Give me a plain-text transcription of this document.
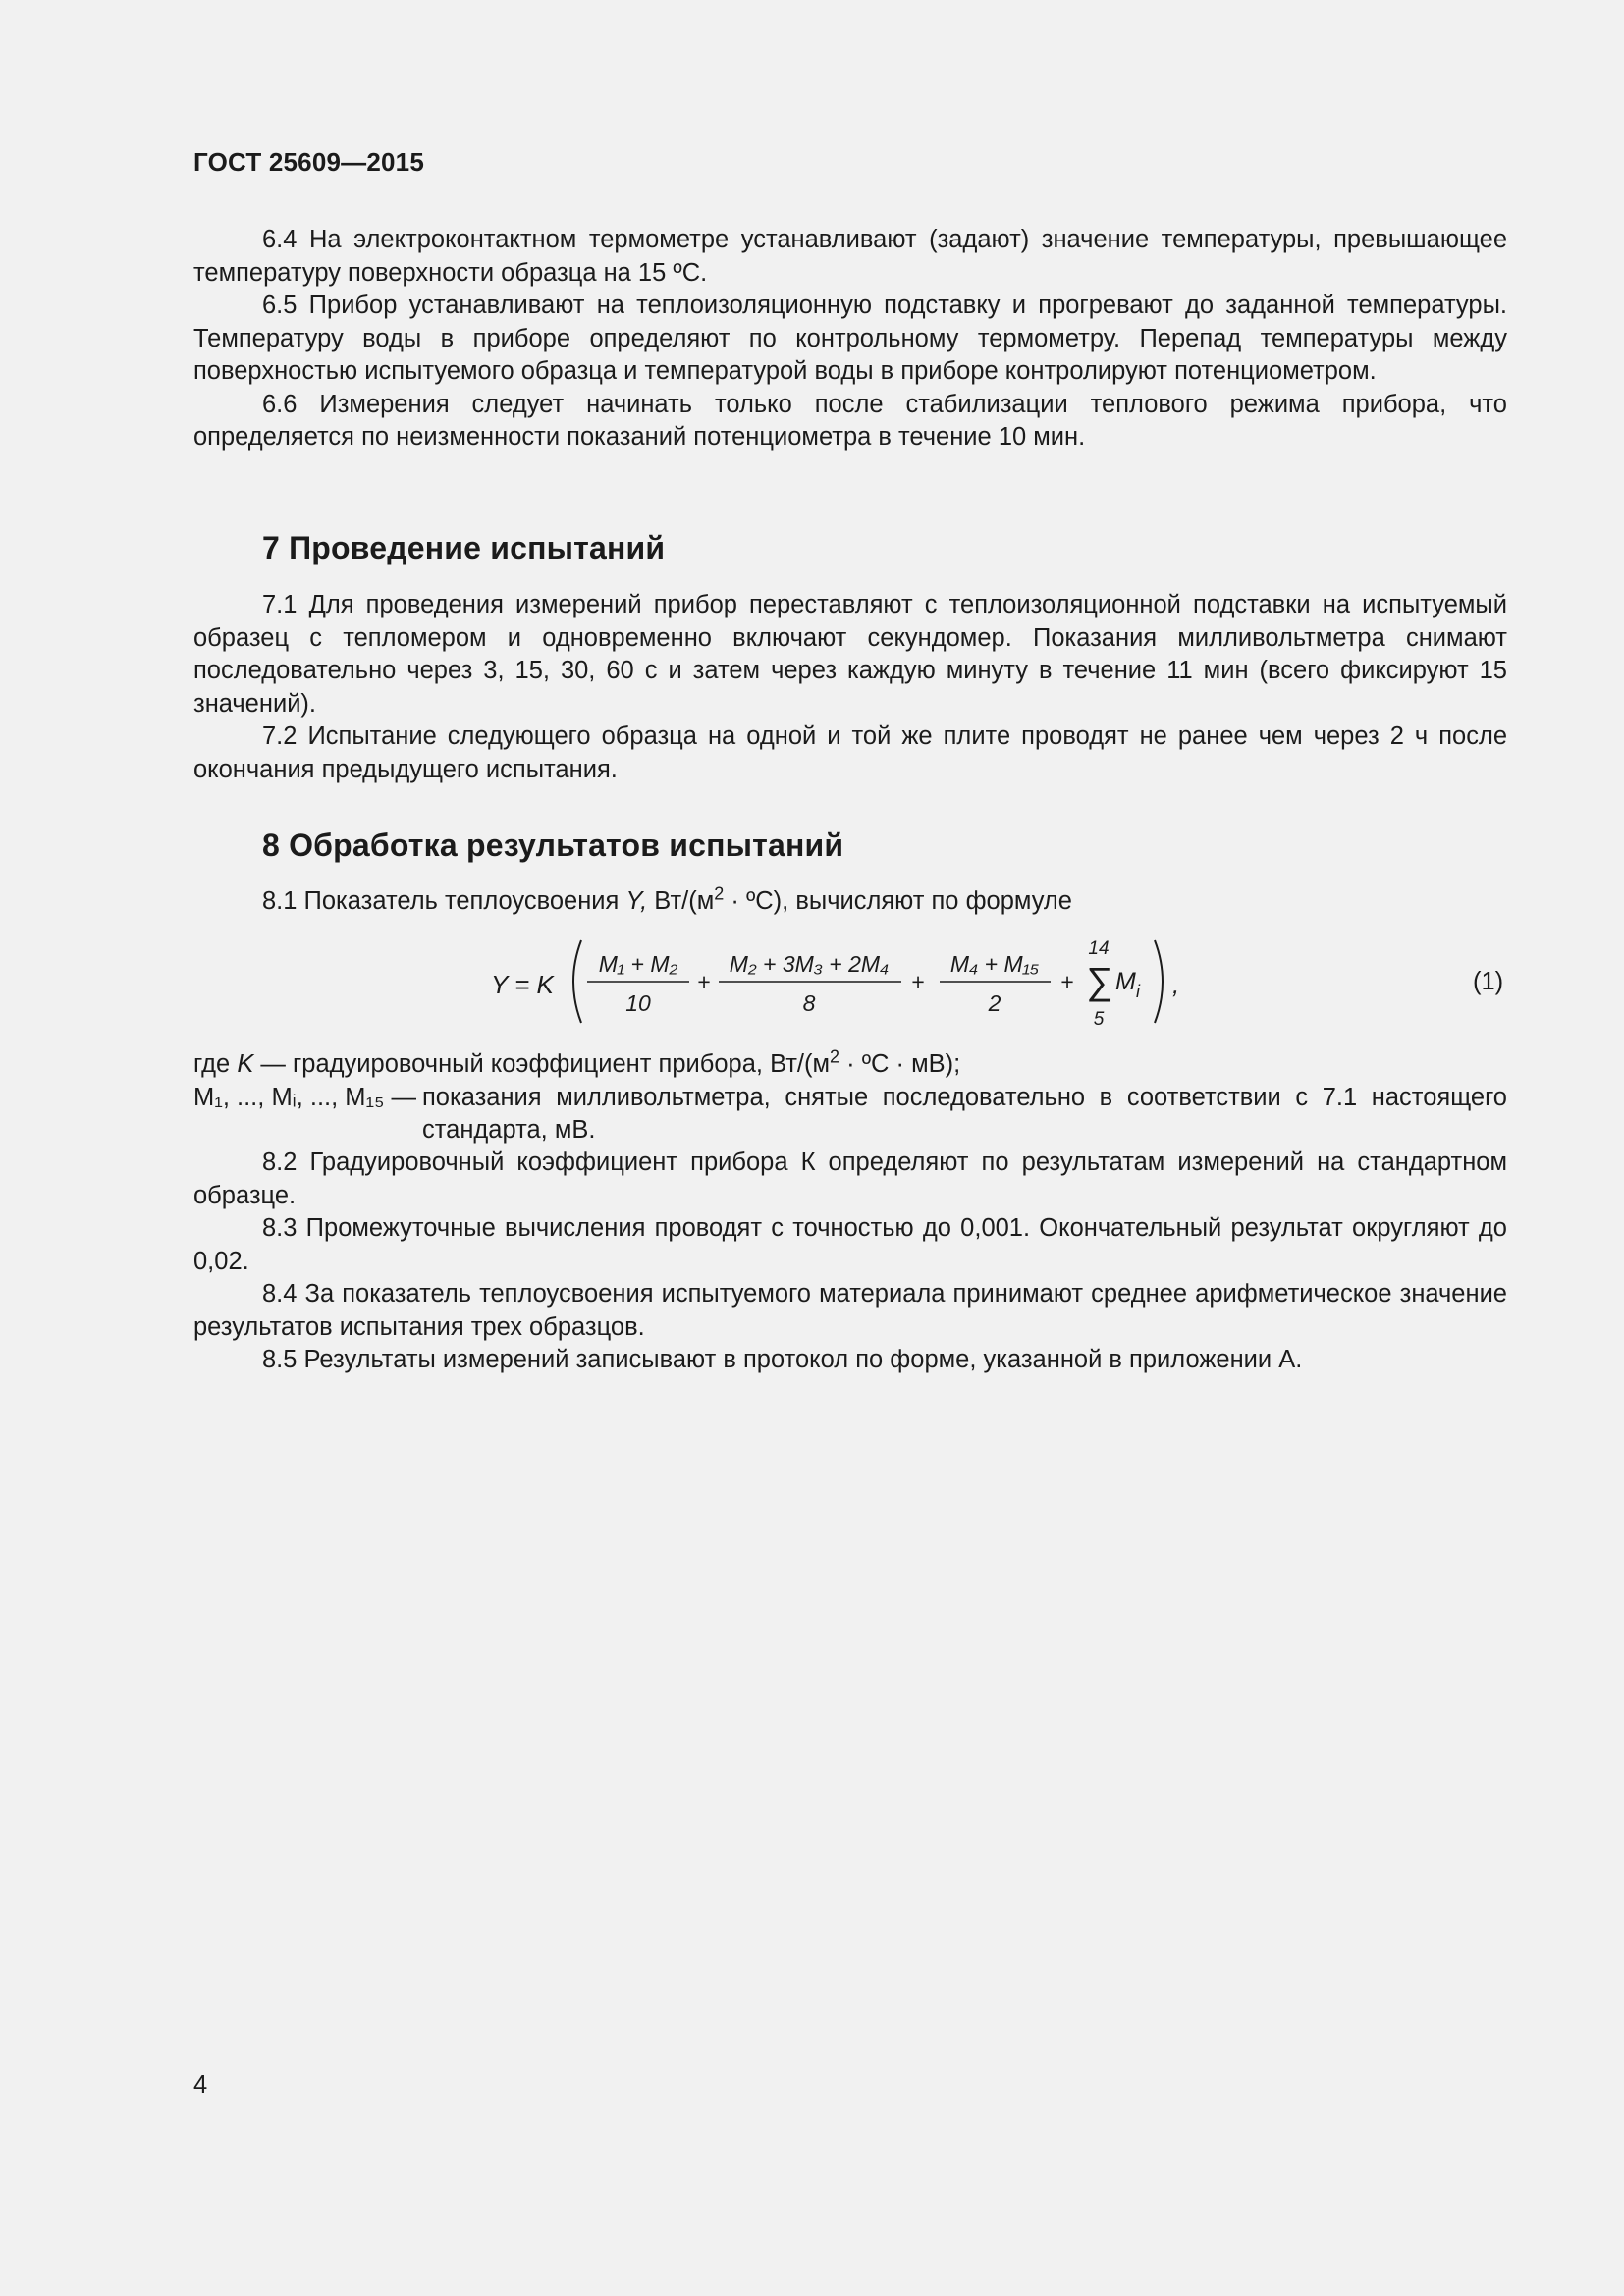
ГОСТ 25609—2015

6.4 На электроконтактном термометре устанавливают (задают) значение температуры, превышающее температуру поверхности образца на 15 ºС.

6.5 Прибор устанавливают на теплоизоляционную подставку и прогревают до заданной температуры. Температуру воды в приборе определяют по контрольному термометру. Перепад температуры между поверхностью испытуемого образца и температурой воды в приборе контролируют потенциометром.

6.6 Измерения следует начинать только после стабилизации теплового режима прибора, что определяется по неизменности показаний потенциометра в течение 10 мин.

7 Проведение испытаний

7.1 Для проведения измерений прибор переставляют с теплоизоляционной подставки на испытуемый образец с тепломером и одновременно включают секундомер. Показания милливольтметра снимают последовательно через 3, 15, 30, 60 с и затем через каждую минуту в течение 11 мин (всего фиксируют 15 значений).

7.2 Испытание следующего образца на одной и той же плите проводят не ранее чем через 2 ч после окончания предыдущего испытания.

8 Обработка результатов испытаний
8.1 Показатель теплоусвоения Y, $Вт/(м^2$ · ºС), вычисляют по формуле
Y = K
M₁ + M₂
10
+
M₂ + 3M₃ + 2M₄
8
+
M₄ + M₁₅
2
+
14
∑
5
M i ,	(1)
где K — градуировочный коэффициент прибора, $Вт/(м^2$ · ºС · мВ);
M₁, ..., Mᵢ, ..., M₁₅ — показания милливольтметра, снятые последовательно в соответствии с 7.1 настоящего стандарта, мВ.

8.2 Градуировочный коэффициент прибора К определяют по результатам измерений на стандартном образце.

8.3 Промежуточные вычисления проводят с точностью до 0,001. Окончательный результат округляют до 0,02.

8.4 За показатель теплоусвоения испытуемого материала принимают среднее арифметическое значение результатов испытания трех образцов.

8.5 Результаты измерений записывают в протокол по форме, указанной в приложении А.

4
